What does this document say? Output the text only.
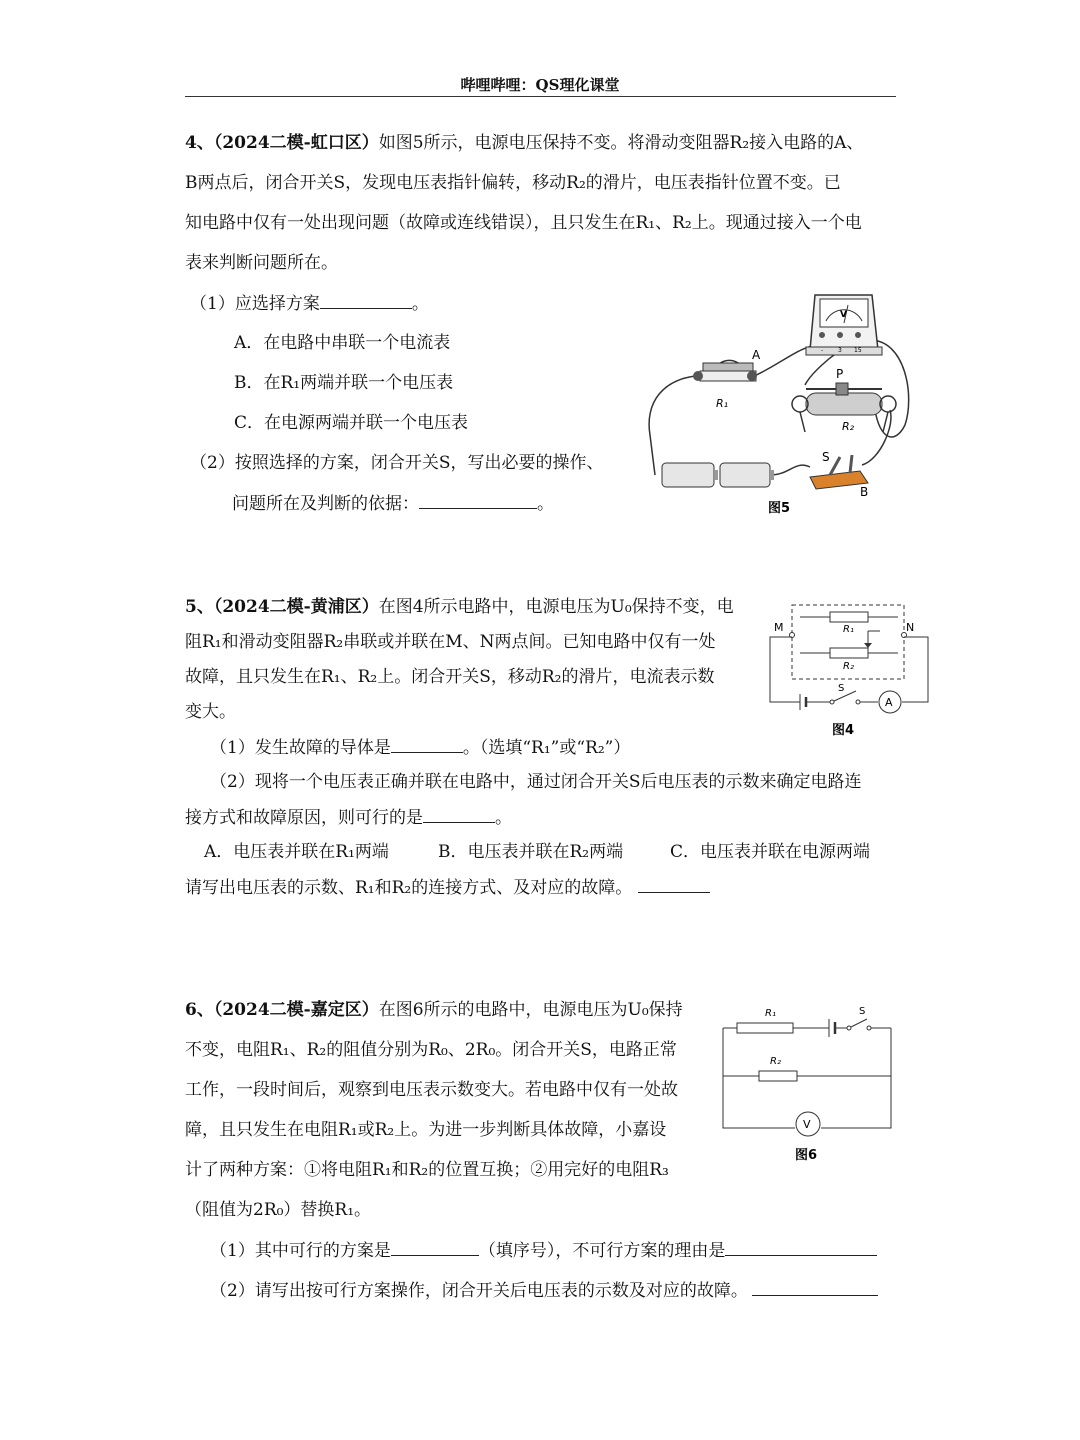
哔哩哔哩：QS理化课堂
4、（2024二模-虹口区）如图5所示，电源电压保持不变。将滑动变阻器R₂接入电路的A、
B两点后，闭合开关S，发现电压表指针偏转，移动R₂的滑片，电压表指针位置不变。已
知电路中仅有一处出现问题（故障或连线错误），且只发生在R₁、R₂上。现通过接入一个电
表来判断问题所在。
（1）应选择方案	。
A．在电路中串联一个电流表
B．在R₁两端并联一个电压表
C．在电源两端并联一个电压表
（2）按照选择的方案，闭合开关S，写出必要的操作、
问题所在及判断的依据：	。
V
- 3 15
A
R₁
P
R₂
S
B
图5
5、（2024二模-黄浦区）在图4所示电路中，电源电压为U₀保持不变，电
阻R₁和滑动变阻器R₂串联或并联在M、N两点间。已知电路中仅有一处
故障，且只发生在R₁、R₂上。闭合开关S，移动R₂的滑片，电流表示数
变大。
（1）发生故障的导体是	。（选填“R₁”或“R₂”）
（2）现将一个电压表正确并联在电路中，通过闭合开关S后电压表的示数来确定电路连
接方式和故障原因，则可行的是	。
A．电压表并联在R₁两端	B．电压表并联在R₂两端	C．电压表并联在电源两端
请写出电压表的示数、R₁和R₂的连接方式、及对应的故障。
R₁
R₂
M	N
S
A
图4
6、（2024二模-嘉定区）在图6所示的电路中，电源电压为U₀保持
不变，电阻R₁、R₂的阻值分别为R₀、2R₀。闭合开关S，电路正常
工作，一段时间后，观察到电压表示数变大。若电路中仅有一处故
障，且只发生在电阻R₁或R₂上。为进一步判断具体故障，小嘉设
计了两种方案：①将电阻R₁和R₂的位置互换；②用完好的电阻R₃
（阻值为2R₀）替换R₁。
（1）其中可行的方案是	（填序号），不可行方案的理由是
（2）请写出按可行方案操作，闭合开关后电压表的示数及对应的故障。
R₁	S
R₂
V
图6
